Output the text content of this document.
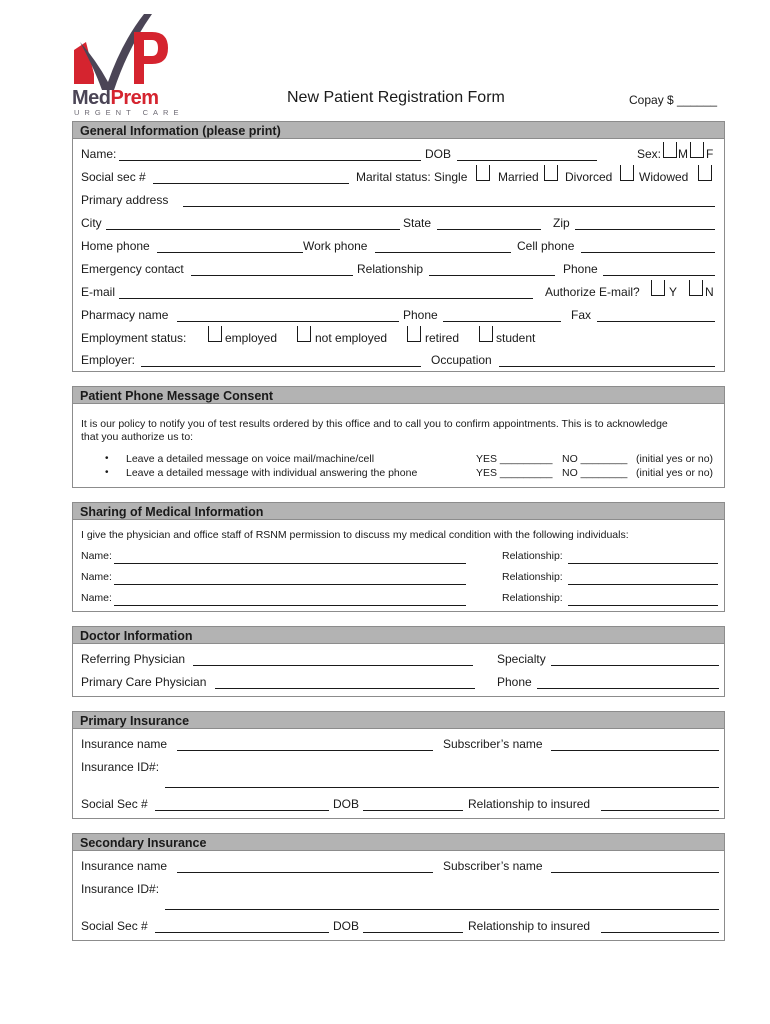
MedPrem
URGENT CARE
New Patient Registration Form	Copay $ ______
General Information (please print)
Name:	DOB	Sex: M F
Social sec #	Marital status: Single	Married Divorced Widowed
Primary address
City	State	Zip
Home phone	Work phone	Cell phone
Emergency contact	Relationship	Phone
E-mail	Authorize E-mail? Y N
Pharmacy name	Phone	Fax
Employment status:	employed	not employed	retired	student
Employer:	Occupation
Patient Phone Message Consent
It is our policy to notify you of test results ordered by this office and to call you to confirm appointments. This is to acknowledge
that you authorize us to:
• Leave a detailed message on voice mail/machine/cell	YES _________ NO ________ (initial yes or no)
• Leave a detailed message with individual answering the phone	YES _________ NO ________ (initial yes or no)
Sharing of Medical Information
I give the physician and office staff of RSNM permission to discuss my medical condition with the following individuals:
Name:	Relationship:
Name:	Relationship:
Name:	Relationship:
Doctor Information
Referring Physician	Specialty
Primary Care Physician	Phone
Primary Insurance
Insurance name	Subscriber’s name
Insurance ID#:
Social Sec #	DOB	Relationship to insured
Secondary Insurance
Insurance name	Subscriber’s name
Insurance ID#:
Social Sec #	DOB	Relationship to insured
